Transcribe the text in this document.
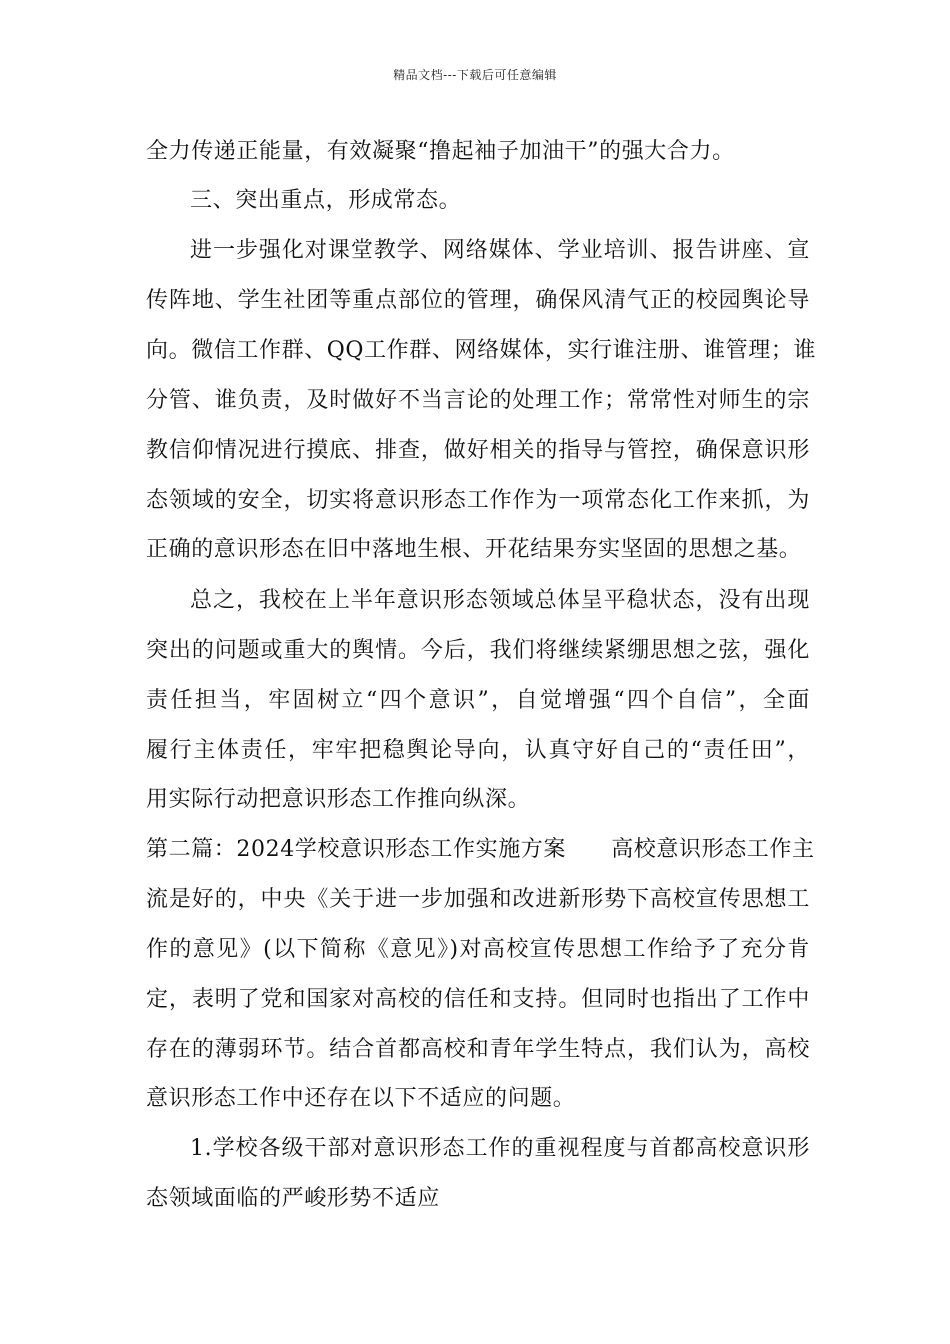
精品文档---下载后可任意编辑
全力传递正能量，有效凝聚“撸起袖子加油干”的强大合力。
三、突出重点，形成常态。
进一步强化对课堂教学、网络媒体、学业培训、报告讲座、宣
传阵地、学生社团等重点部位的管理，确保风清气正的校园舆论导
向。微信工作群、QQ工作群、网络媒体，实行谁注册、谁管理；谁
分管、谁负责，及时做好不当言论的处理工作；常常性对师生的宗
教信仰情况进行摸底、排查，做好相关的指导与管控，确保意识形
态领域的安全，切实将意识形态工作作为一项常态化工作来抓，为
正确的意识形态在旧中落地生根、开花结果夯实坚固的思想之基。
总之，我校在上半年意识形态领域总体呈平稳状态，没有出现
突出的问题或重大的舆情。今后，我们将继续紧绷思想之弦，强化
责任担当，牢固树立“四个意识”，自觉增强“四个自信”，全面
履行主体责任，牢牢把稳舆论导向，认真守好自己的“责任田”，
用实际行动把意识形态工作推向纵深。
第二篇：2024学校意识形态工作实施方案　　高校意识形态工作主
流是好的，中央《关于进一步加强和改进新形势下高校宣传思想工
作的意见》(以下简称《意见》)对高校宣传思想工作给予了充分肯
定，表明了党和国家对高校的信任和支持。但同时也指出了工作中
存在的薄弱环节。结合首都高校和青年学生特点，我们认为，高校
意识形态工作中还存在以下不适应的问题。
1.学校各级干部对意识形态工作的重视程度与首都高校意识形
态领域面临的严峻形势不适应
